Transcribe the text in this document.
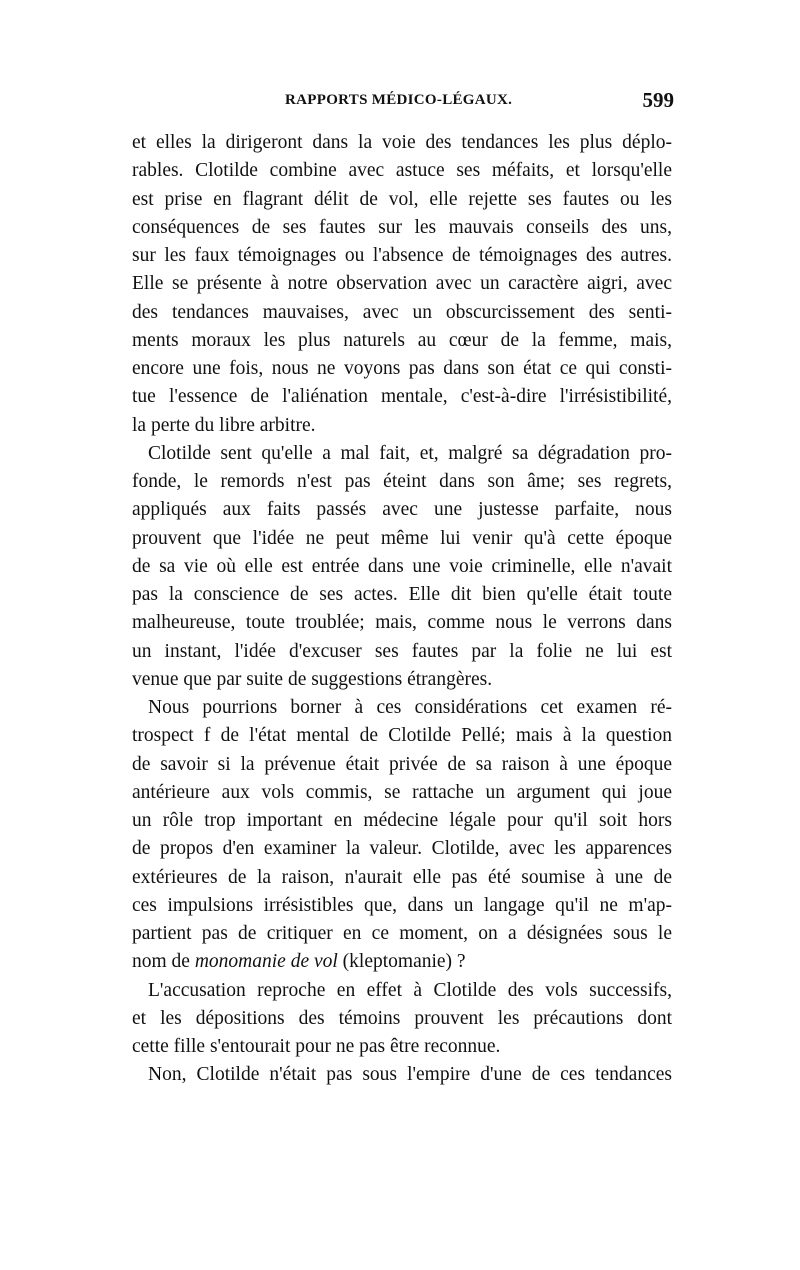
RAPPORTS MÉDICO-LÉGAUX.	599
et elles la dirigeront dans la voie des tendances les plus déplo-
rables. Clotilde combine avec astuce ses méfaits, et lorsqu'elle
est prise en flagrant délit de vol, elle rejette ses fautes ou les
conséquences de ses fautes sur les mauvais conseils des uns,
sur les faux témoignages ou l'absence de témoignages des autres.
Elle se présente à notre observation avec un caractère aigri, avec
des tendances mauvaises, avec un obscurcissement des senti-
ments moraux les plus naturels au cœur de la femme, mais,
encore une fois, nous ne voyons pas dans son état ce qui consti-
tue l'essence de l'aliénation mentale, c'est-à-dire l'irrésistibilité,
la perte du libre arbitre.
Clotilde sent qu'elle a mal fait, et, malgré sa dégradation pro-
fonde, le remords n'est pas éteint dans son âme; ses regrets,
appliqués aux faits passés avec une justesse parfaite, nous
prouvent que l'idée ne peut même lui venir qu'à cette époque
de sa vie où elle est entrée dans une voie criminelle, elle n'avait
pas la conscience de ses actes. Elle dit bien qu'elle était toute
malheureuse, toute troublée; mais, comme nous le verrons dans
un instant, l'idée d'excuser ses fautes par la folie ne lui est
venue que par suite de suggestions étrangères.
Nous pourrions borner à ces considérations cet examen ré-
trospect f de l'état mental de Clotilde Pellé; mais à la question
de savoir si la prévenue était privée de sa raison à une époque
antérieure aux vols commis, se rattache un argument qui joue
un rôle trop important en médecine légale pour qu'il soit hors
de propos d'en examiner la valeur. Clotilde, avec les apparences
extérieures de la raison, n'aurait elle pas été soumise à une de
ces impulsions irrésistibles que, dans un langage qu'il ne m'ap-
partient pas de critiquer en ce moment, on a désignées sous le
nom de monomanie de vol (kleptomanie) ?
L'accusation reproche en effet à Clotilde des vols successifs,
et les dépositions des témoins prouvent les précautions dont
cette fille s'entourait pour ne pas être reconnue.
Non, Clotilde n'était pas sous l'empire d'une de ces tendances
